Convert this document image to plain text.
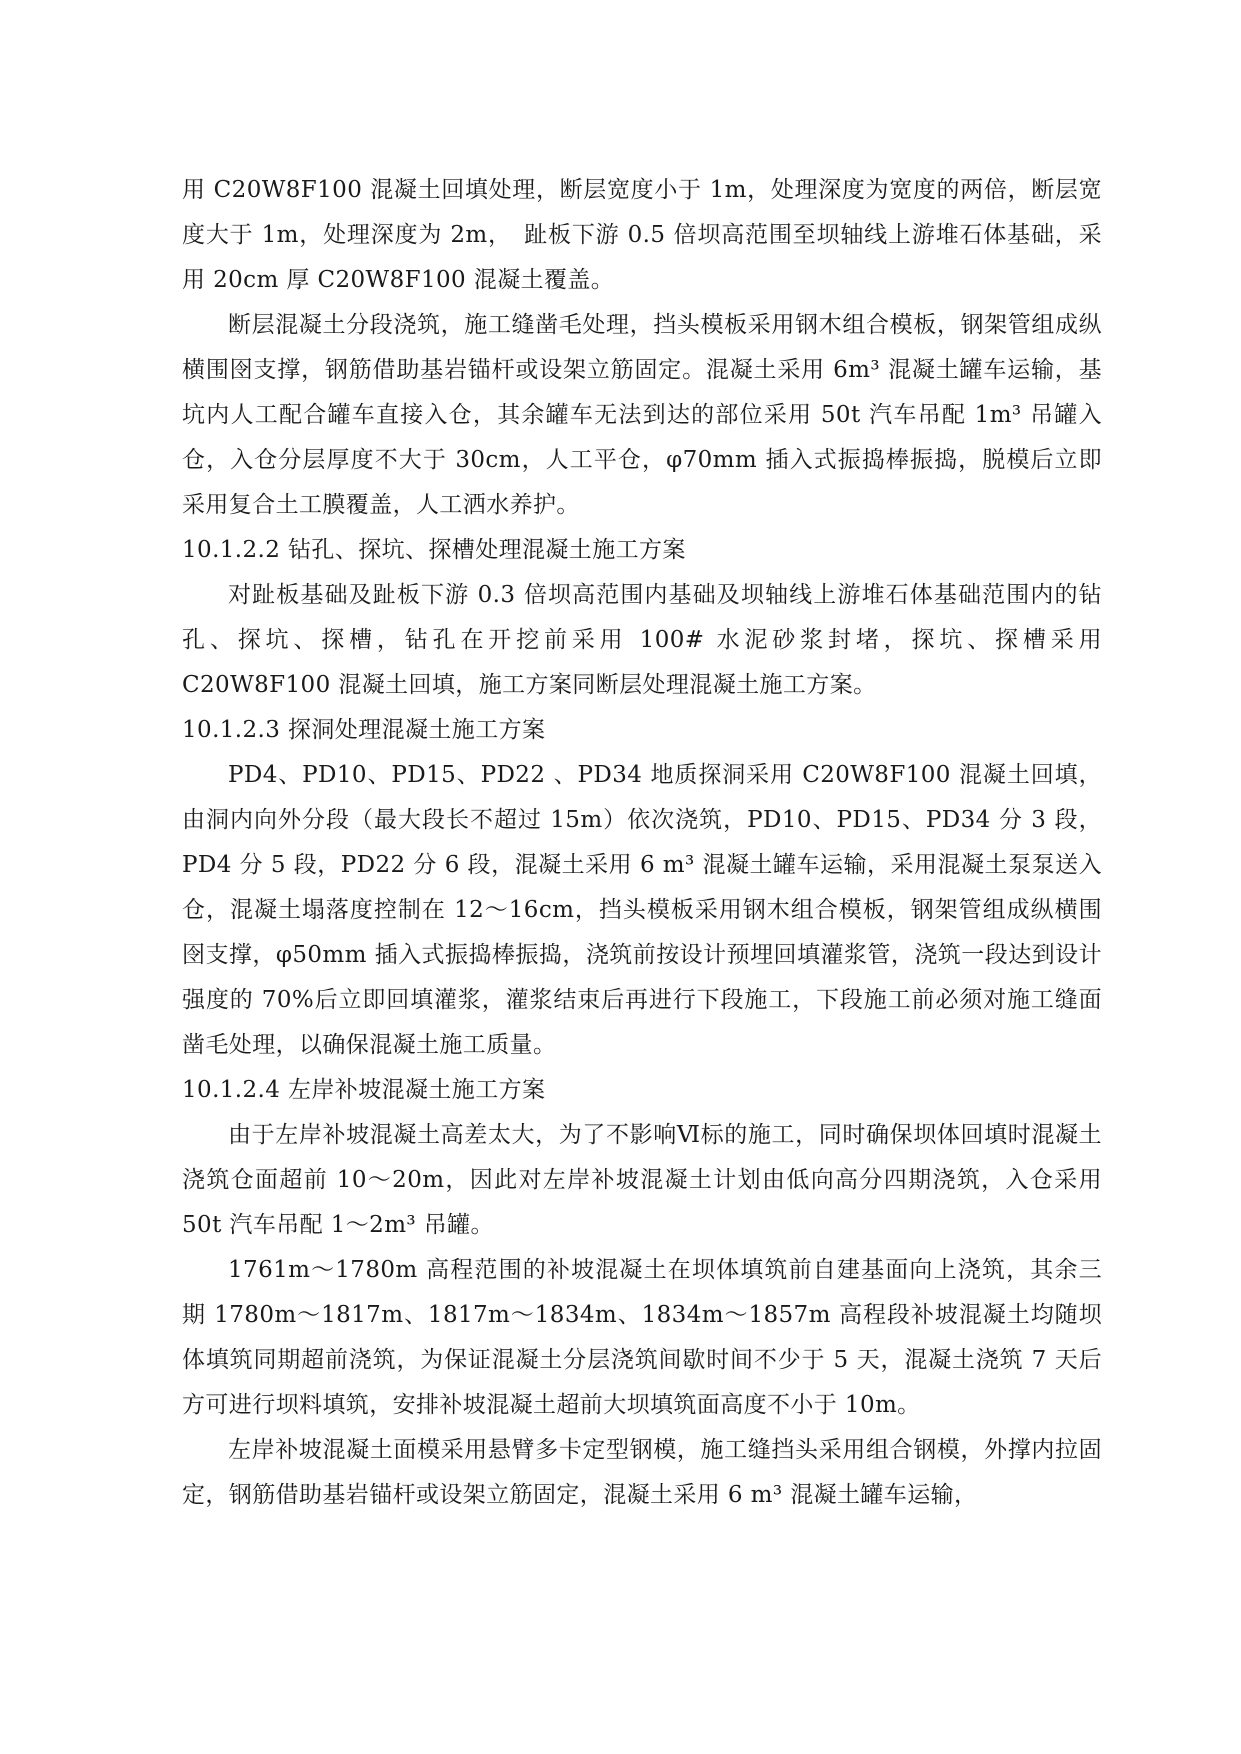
用 C20W8F100 混凝土回填处理，断层宽度小于 1m，处理深度为宽度的两倍，断层宽度大于 1m，处理深度为 2m，　趾板下游 0.5 倍坝高范围至坝轴线上游堆石体基础，采用 20cm 厚 C20W8F100 混凝土覆盖。

断层混凝土分段浇筑，施工缝凿毛处理，挡头模板采用钢木组合模板，钢架管组成纵横围囹支撑，钢筋借助基岩锚杆或设架立筋固定。混凝土采用 6m³ 混凝土罐车运输，基坑内人工配合罐车直接入仓，其余罐车无法到达的部位采用 50t 汽车吊配 1m³ 吊罐入仓，入仓分层厚度不大于 30cm，人工平仓，φ70mm 插入式振捣棒振捣，脱模后立即采用复合土工膜覆盖，人工洒水养护。

10.1.2.2 钻孔、探坑、探槽处理混凝土施工方案

对趾板基础及趾板下游 0.3 倍坝高范围内基础及坝轴线上游堆石体基础范围内的钻孔、探坑、探槽，钻孔在开挖前采用 100# 水泥砂浆封堵，探坑、探槽采用 C20W8F100 混凝土回填，施工方案同断层处理混凝土施工方案。

10.1.2.3 探洞处理混凝土施工方案

PD4、PD10、PD15、PD22 、PD34 地质探洞采用 C20W8F100 混凝土回填，由洞内向外分段（最大段长不超过 15m）依次浇筑，PD10、PD15、PD34 分 3 段，PD4 分 5 段，PD22 分 6 段，混凝土采用 6 m³ 混凝土罐车运输，采用混凝土泵泵送入仓，混凝土塌落度控制在 12～16cm，挡头模板采用钢木组合模板，钢架管组成纵横围囹支撑，φ50mm 插入式振捣棒振捣，浇筑前按设计预埋回填灌浆管，浇筑一段达到设计强度的 70%后立即回填灌浆，灌浆结束后再进行下段施工，下段施工前必须对施工缝面凿毛处理，以确保混凝土施工质量。

10.1.2.4 左岸补坡混凝土施工方案

由于左岸补坡混凝土高差太大，为了不影响Ⅵ标的施工，同时确保坝体回填时混凝土浇筑仓面超前 10～20m，因此对左岸补坡混凝土计划由低向高分四期浇筑，入仓采用 50t 汽车吊配 1～2m³ 吊罐。

1761m～1780m 高程范围的补坡混凝土在坝体填筑前自建基面向上浇筑，其余三期 1780m～1817m、1817m～1834m、1834m～1857m 高程段补坡混凝土均随坝体填筑同期超前浇筑，为保证混凝土分层浇筑间歇时间不少于 5 天，混凝土浇筑 7 天后方可进行坝料填筑，安排补坡混凝土超前大坝填筑面高度不小于 10m。

左岸补坡混凝土面模采用悬臂多卡定型钢模，施工缝挡头采用组合钢模，外撑内拉固定，钢筋借助基岩锚杆或设架立筋固定，混凝土采用 6 m³ 混凝土罐车运输，
